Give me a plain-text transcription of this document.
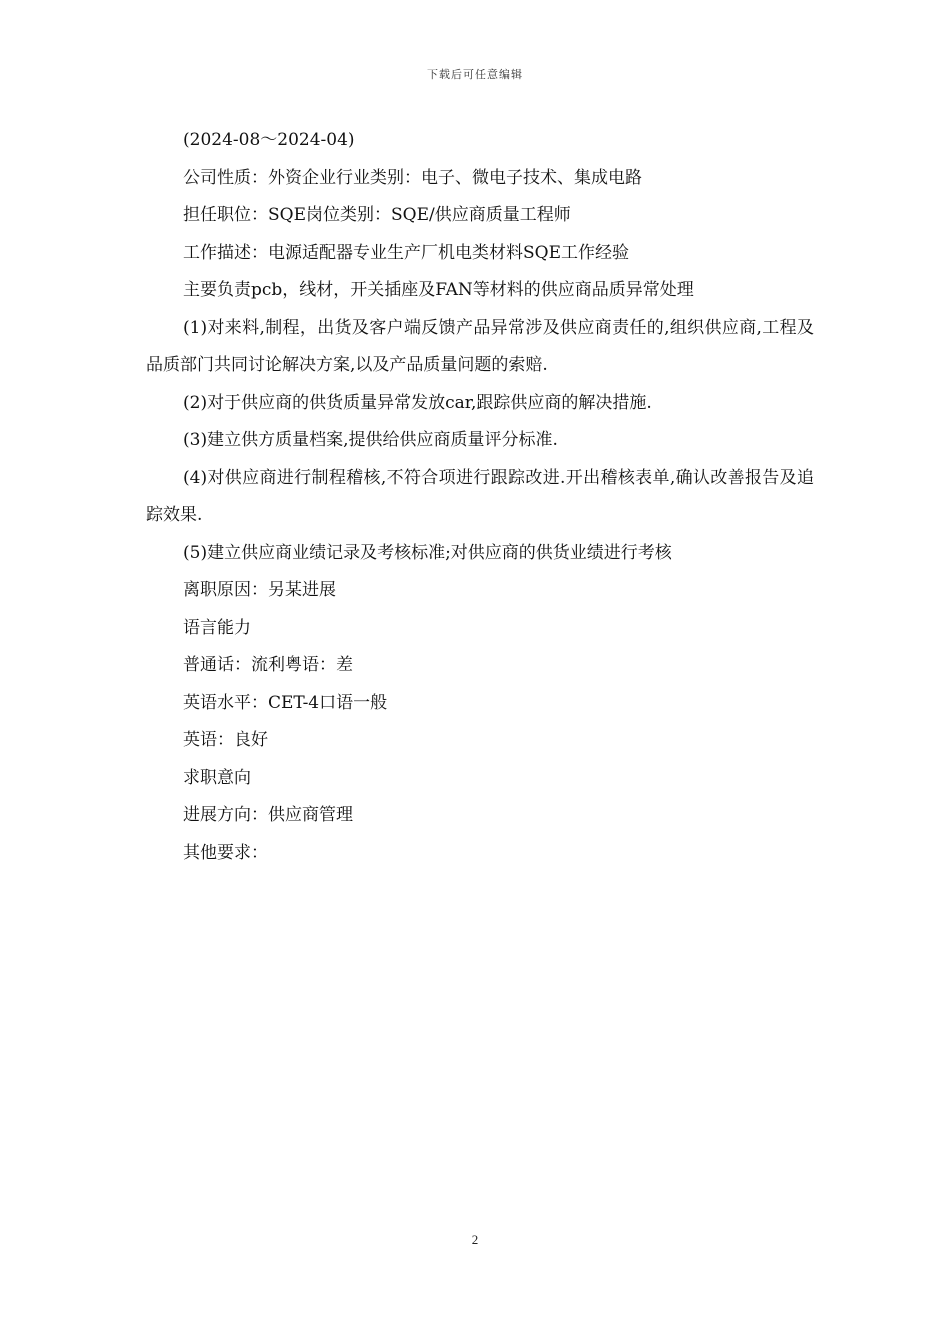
下载后可任意编辑

(2024-08～2024-04)

公司性质：外资企业行业类别：电子、微电子技术、集成电路

担任职位：SQE岗位类别：SQE/供应商质量工程师

工作描述：电源适配器专业生产厂机电类材料SQE工作经验

主要负责pcb，线材，开关插座及FAN等材料的供应商品质异常处理

(1)对来料,制程，出货及客户端反馈产品异常涉及供应商责任的,组织供应商,工程及品质部门共同讨论解决方案,以及产品质量问题的索赔.

(2)对于供应商的供货质量异常发放car,跟踪供应商的解决措施.

(3)建立供方质量档案,提供给供应商质量评分标准.

(4)对供应商进行制程稽核,不符合项进行跟踪改进.开出稽核表单,确认改善报告及追踪效果.

(5)建立供应商业绩记录及考核标准;对供应商的供货业绩进行考核

离职原因：另某进展

语言能力

普通话：流利粤语：差

英语水平：CET-4口语一般

英语：良好

求职意向

进展方向：供应商管理

其他要求：

2
